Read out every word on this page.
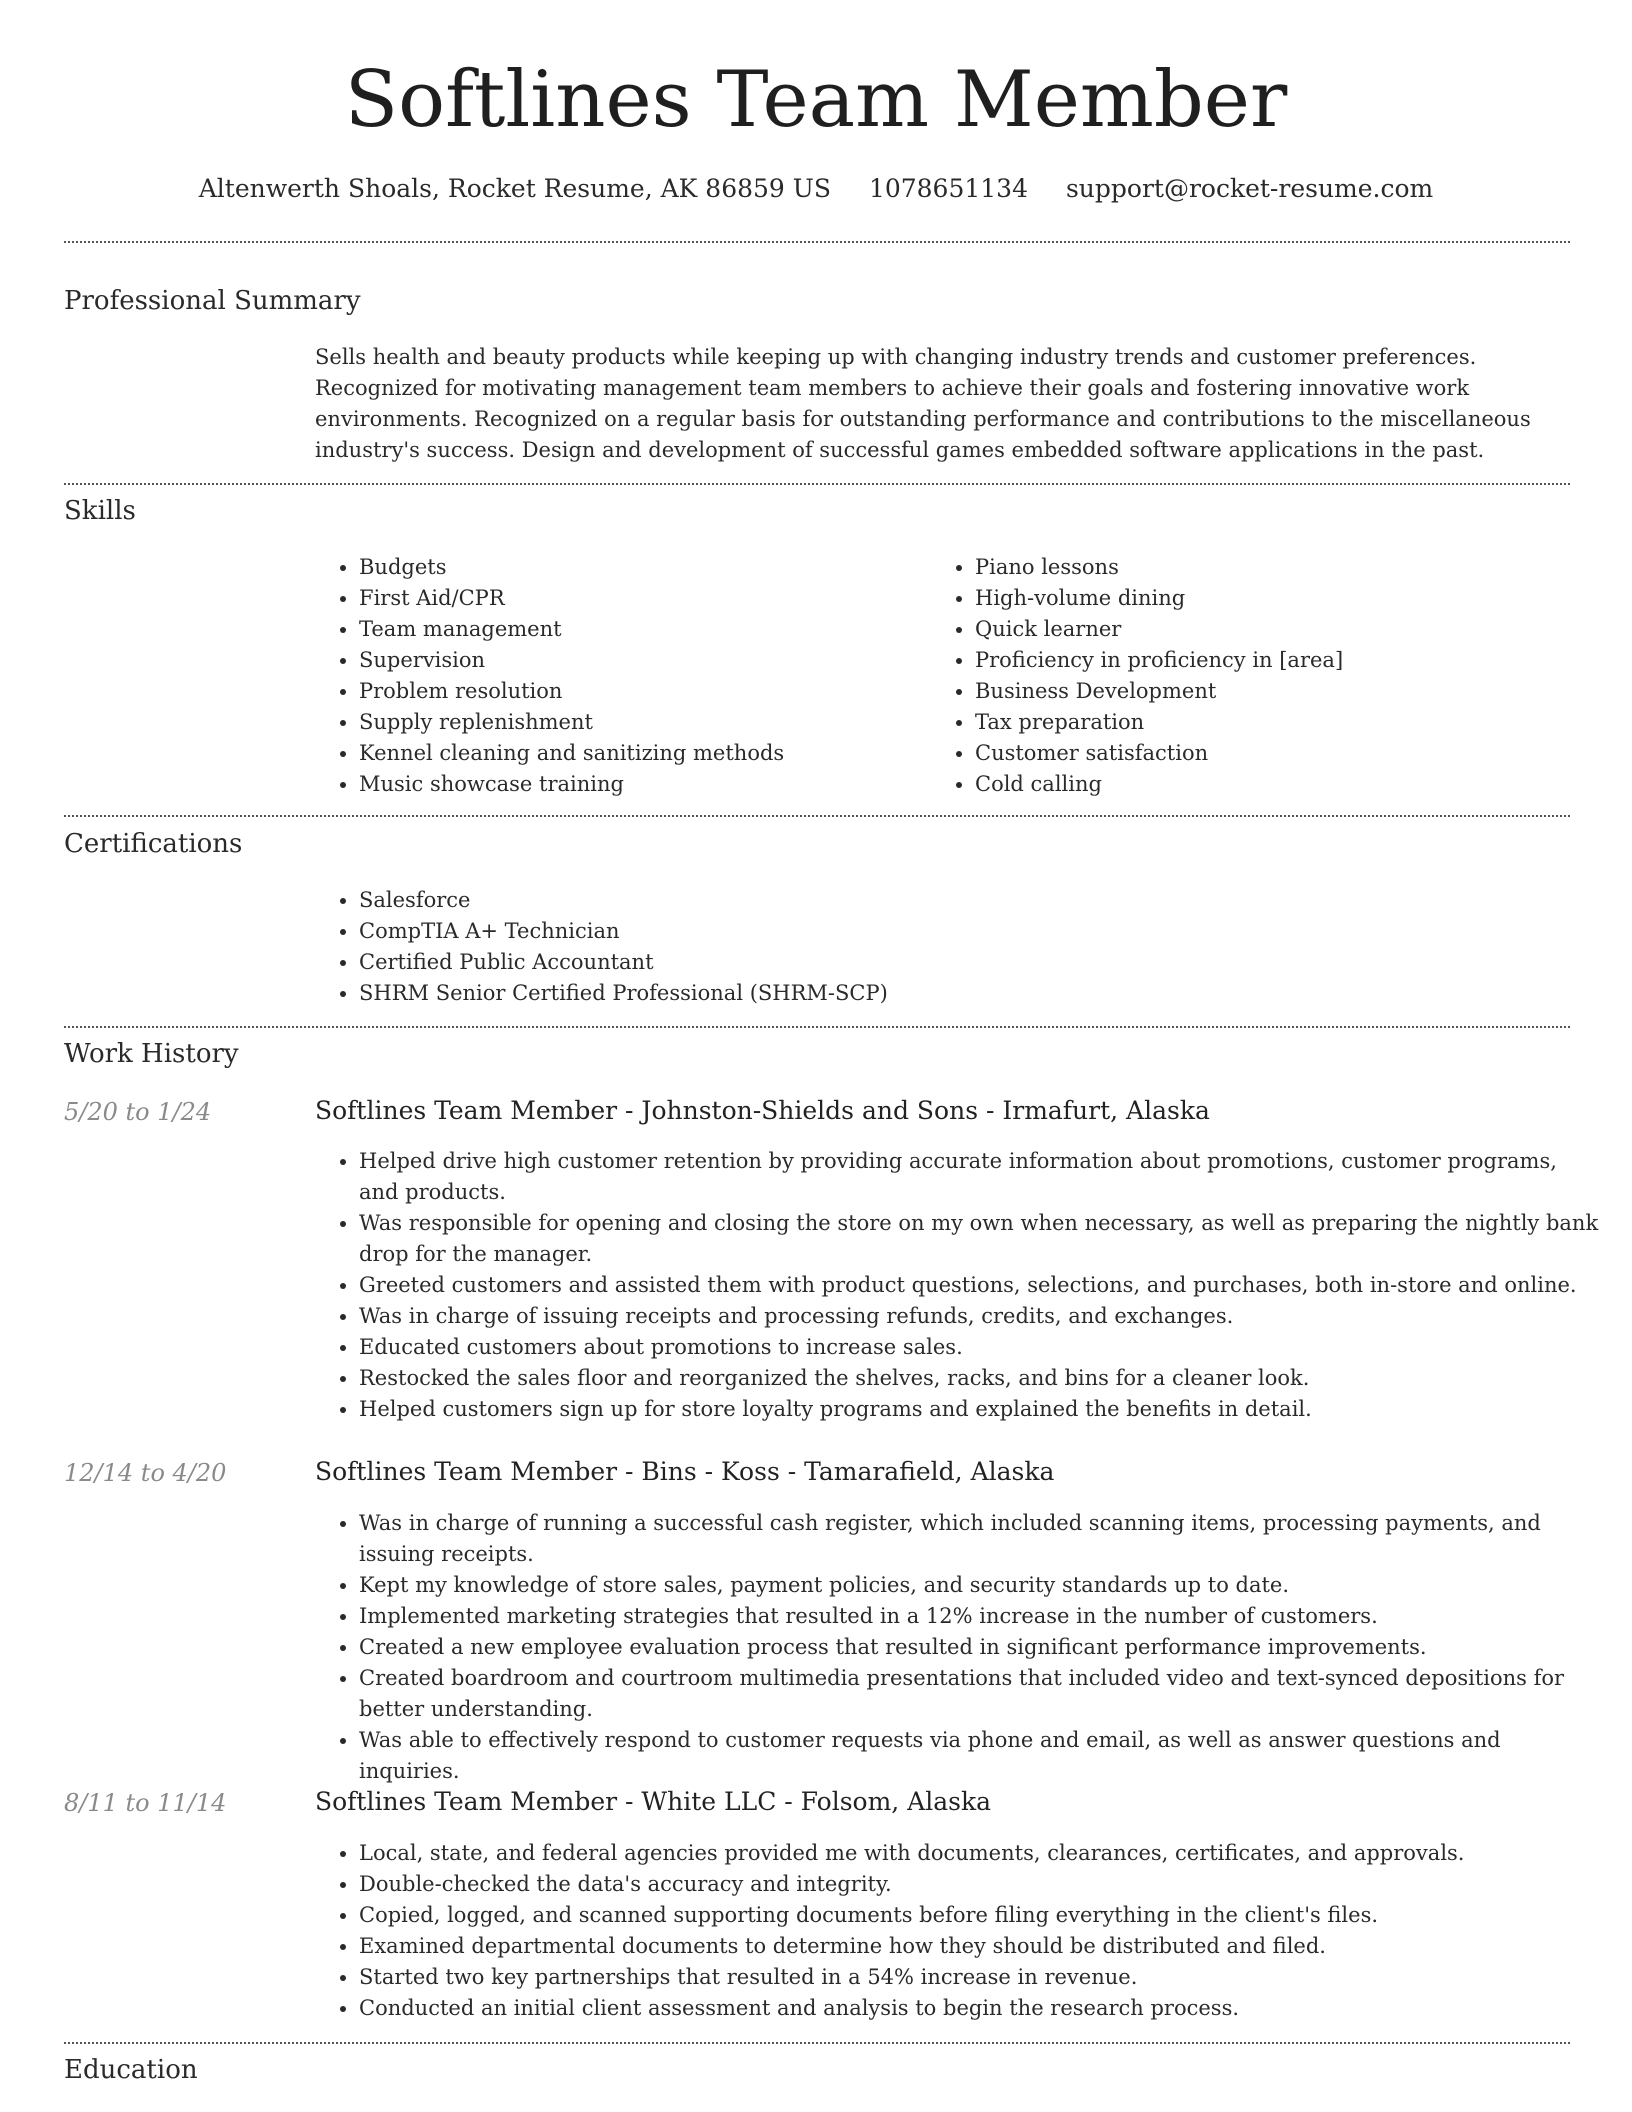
Softlines Team Member
Altenwerth Shoals, Rocket Resume, AK 86859 US 1078651134 support@rocket-resume.com
Professional Summary

Sells health and beauty products while keeping up with changing industry trends and customer preferences. Recognized for motivating management team members to achieve their goals and fostering innovative work environments. Recognized on a regular basis for outstanding performance and contributions to the miscellaneous industry's success. Design and development of successful games embedded software applications in the past.

Skills
• Budgets
• First Aid/CPR
• Team management
• Supervision
• Problem resolution
• Supply replenishment
• Kennel cleaning and sanitizing methods
• Music showcase training
• Piano lessons
• High-volume dining
• Quick learner
• Proficiency in proficiency in [area]
• Business Development
• Tax preparation
• Customer satisfaction
• Cold calling
Certifications
• Salesforce
• CompTIA A+ Technician
• Certified Public Accountant
• SHRM Senior Certified Professional (SHRM-SCP)
Work History
5/20 to 1/24	Softlines Team Member - Johnston-Shields and Sons - Irmafurt, Alaska
• Helped drive high customer retention by providing accurate information about promotions, customer programs, and products.
• Was responsible for opening and closing the store on my own when necessary, as well as preparing the nightly bank drop for the manager.
• Greeted customers and assisted them with product questions, selections, and purchases, both in-store and online.
• Was in charge of issuing receipts and processing refunds, credits, and exchanges.
• Educated customers about promotions to increase sales.
• Restocked the sales floor and reorganized the shelves, racks, and bins for a cleaner look.
• Helped customers sign up for store loyalty programs and explained the benefits in detail.
12/14 to 4/20	Softlines Team Member - Bins - Koss - Tamarafield, Alaska
• Was in charge of running a successful cash register, which included scanning items, processing payments, and issuing receipts.
• Kept my knowledge of store sales, payment policies, and security standards up to date.
• Implemented marketing strategies that resulted in a 12% increase in the number of customers.
• Created a new employee evaluation process that resulted in significant performance improvements.
• Created boardroom and courtroom multimedia presentations that included video and text-synced depositions for better understanding.
• Was able to effectively respond to customer requests via phone and email, as well as answer questions and inquiries.
8/11 to 11/14	Softlines Team Member - White LLC - Folsom, Alaska
• Local, state, and federal agencies provided me with documents, clearances, certificates, and approvals.
• Double-checked the data's accuracy and integrity.
• Copied, logged, and scanned supporting documents before filing everything in the client's files.
• Examined departmental documents to determine how they should be distributed and filed.
• Started two key partnerships that resulted in a 54% increase in revenue.
• Conducted an initial client assessment and analysis to begin the research process.
Education
